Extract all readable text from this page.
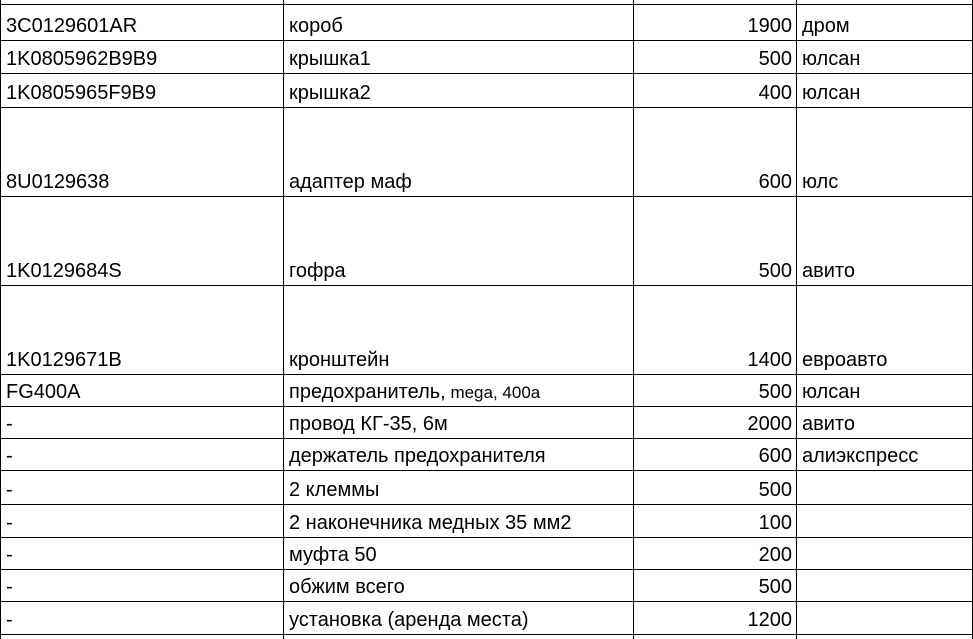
3C0129601AR	короб	1900 дром
1K0805962B9B9	крышка1	500 юлсан
1K0805965F9B9	крышка2	400 юлсан
8U0129638	адаптер маф	600 юлс
1K0129684S	гофра	500 авито
1K0129671B	кронштейн	1400 евроавто
FG400A	предохранитель, mega, 400a	500 юлсан
-	провод КГ-35, 6м	2000 авито
-	держатель предохранителя	600 алиэкспресс
-	2 клеммы	500
-	2 наконечника медных 35 мм2	100
-	муфта 50	200
-	обжим всего	500
-	установка (аренда места)	1200
